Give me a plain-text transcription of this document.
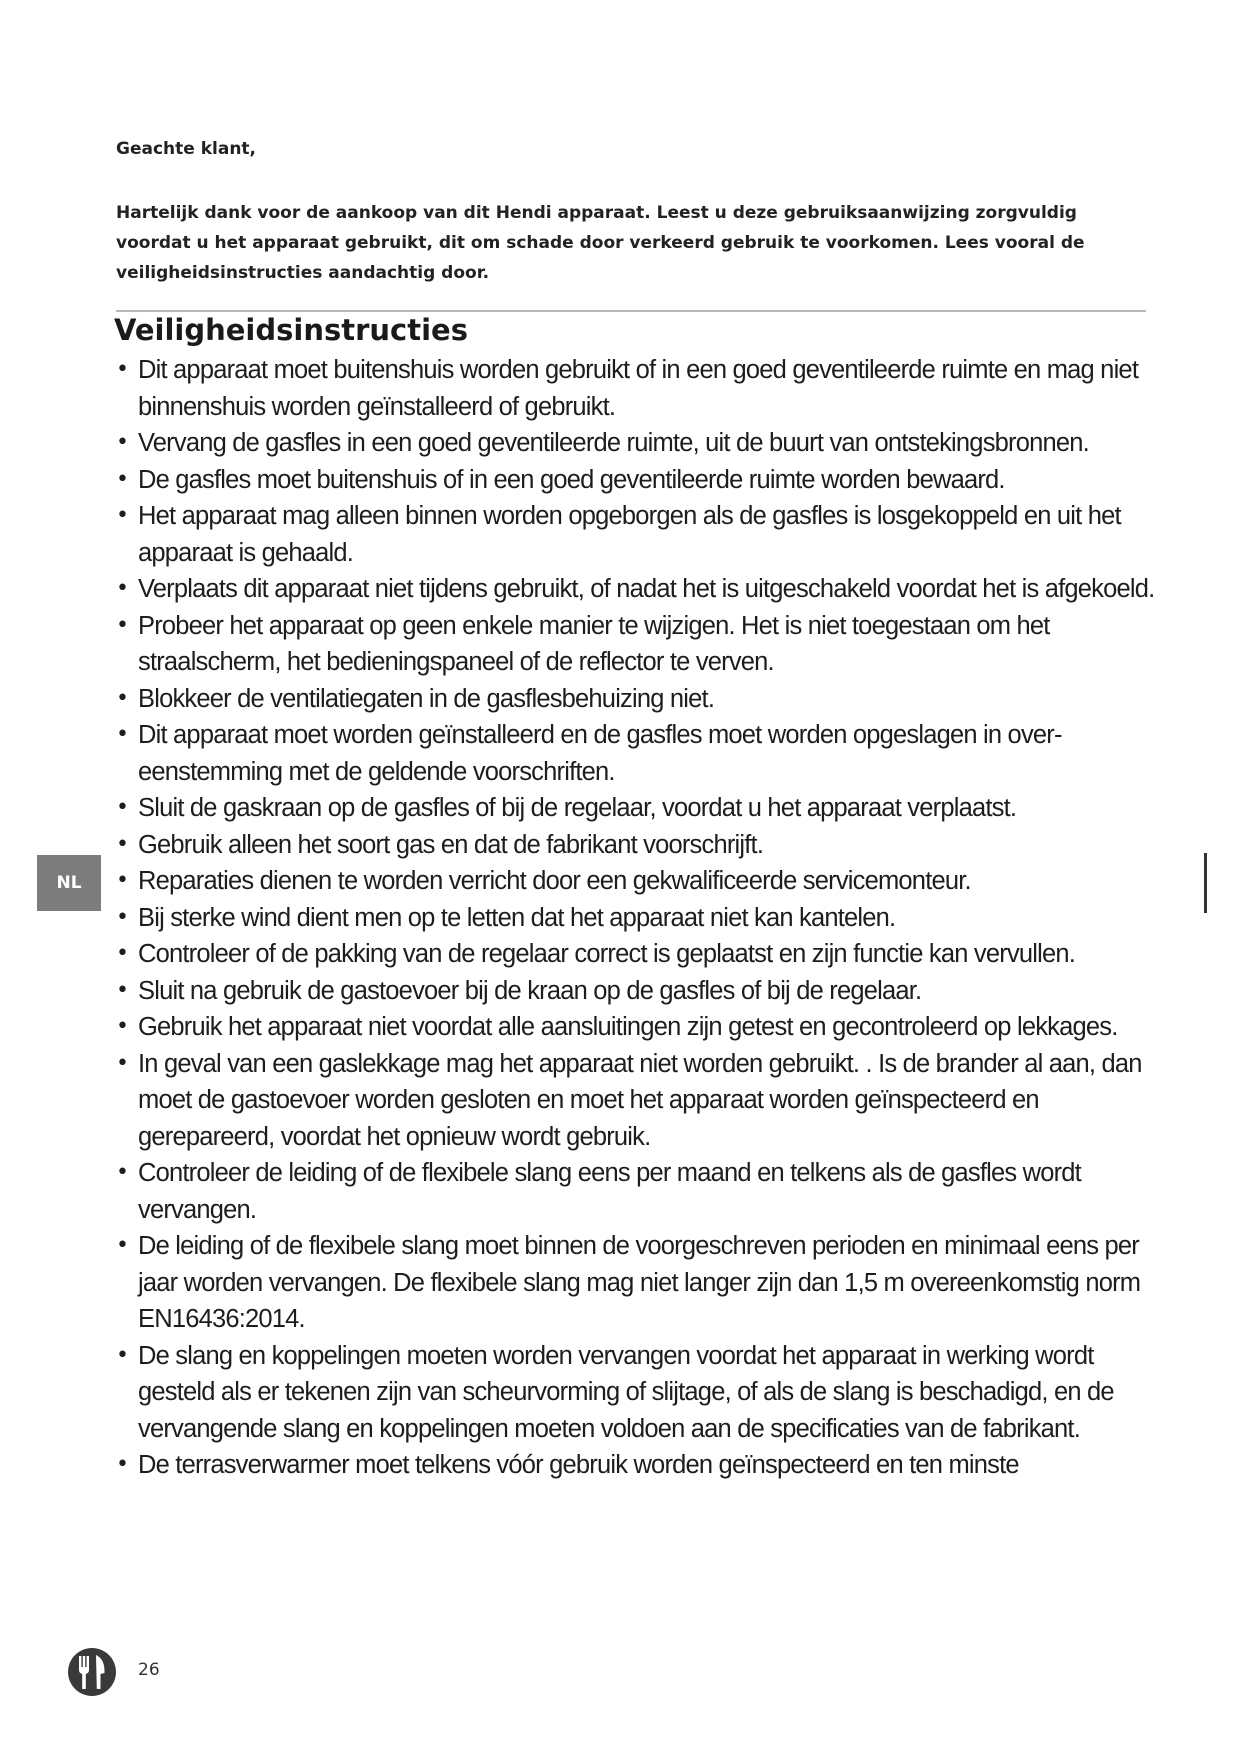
Geachte klant,

Hartelijk dank voor de aankoop van dit Hendi apparaat. Leest u deze gebruiksaanwijzing zorgvuldig voordat u het apparaat gebruikt, dit om schade door verkeerd gebruik te voorkomen. Lees vooral de veiligheidsinstructies aandachtig door.

Veiligheidsinstructies
• Dit apparaat moet buitenshuis worden gebruikt of in een goed geventileerde ruimte en mag niet binnenshuis worden geïnstalleerd of gebruikt.
• Vervang de gasfles in een goed geventileerde ruimte, uit de buurt van ontstekingsbronnen.
• De gasfles moet buitenshuis of in een goed geventileerde ruimte worden bewaard.
• Het apparaat mag alleen binnen worden opgeborgen als de gasfles is losgekoppeld en uit het apparaat is gehaald.
• Verplaats dit apparaat niet tijdens gebruikt, of nadat het is uitgeschakeld voordat het is afgekoeld.
• Probeer het apparaat op geen enkele manier te wijzigen. Het is niet toegestaan om het straalscherm, het bedieningspaneel of de reflector te verven.
• Blokkeer de ventilatiegaten in de gasflesbehuizing niet.
• Dit apparaat moet worden geïnstalleerd en de gasfles moet worden opgeslagen in overeenstemming met de geldende voorschriften.
• Sluit de gaskraan op de gasfles of bij de regelaar, voordat u het apparaat verplaatst.
• Gebruik alleen het soort gas en dat de fabrikant voorschrijft.
• Reparaties dienen te worden verricht door een gekwalificeerde servicemonteur.
• Bij sterke wind dient men op te letten dat het apparaat niet kan kantelen.
• Controleer of de pakking van de regelaar correct is geplaatst en zijn functie kan vervullen.
• Sluit na gebruik de gastoevoer bij de kraan op de gasfles of bij de regelaar.
• Gebruik het apparaat niet voordat alle aansluitingen zijn getest en gecontroleerd op lekkages.
• In geval van een gaslekkage mag het apparaat niet worden gebruikt. . Is de brander al aan, dan moet de gastoevoer worden gesloten en moet het apparaat worden geïnspecteerd en gerepareerd, voordat het opnieuw wordt gebruik.
• Controleer de leiding of de flexibele slang eens per maand en telkens als de gasfles wordt vervangen.
• De leiding of de flexibele slang moet binnen de voorgeschreven perioden en minimaal eens per jaar worden vervangen. De flexibele slang mag niet langer zijn dan 1,5 m overeenkomstig norm EN16436:2014.
• De slang en koppelingen moeten worden vervangen voordat het apparaat in werking wordt gesteld als er tekenen zijn van scheurvorming of slijtage, of als de slang is beschadigd, en de vervangende slang en koppelingen moeten voldoen aan de specificaties van de fabrikant.
• De terrasverwarmer moet telkens vóór gebruik worden geïnspecteerd en ten minste
NL
26
